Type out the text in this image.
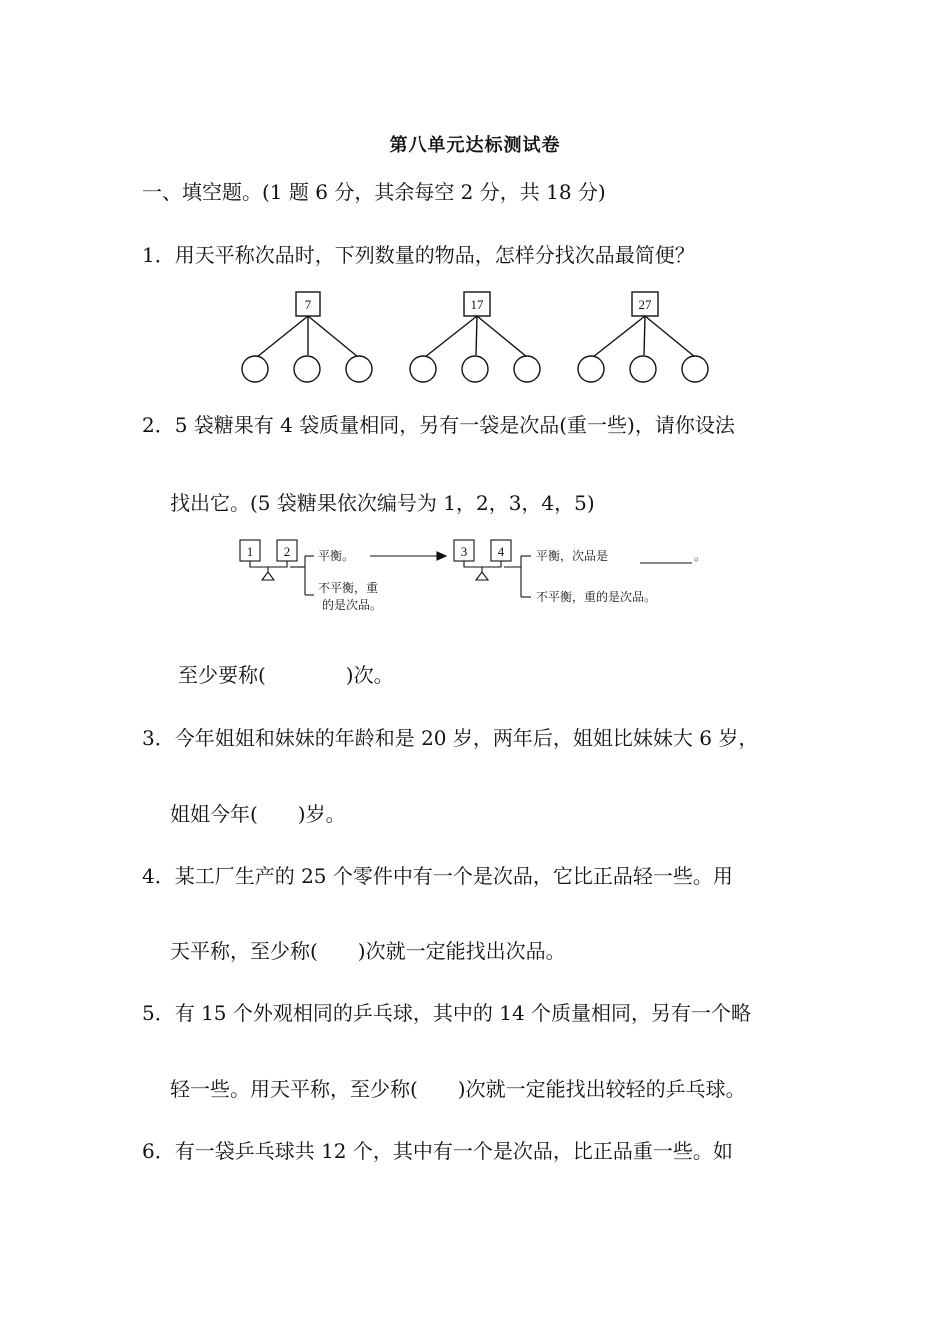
第八单元达标测试卷
一、填空题。(1 题 6 分，其余每空 2 分，共 18 分)
1．用天平称次品时，下列数量的物品，怎样分找次品最简便？
7	17	27
2．5 袋糖果有 4 袋质量相同，另有一袋是次品(重一些)，请你设法
找出它。(5 袋糖果依次编号为 1，2，3，4，5)
1 2	3 4
平衡。
不平衡，重
的是次品。
平衡，次品是	。
不平衡，重的是次品。
至少要称(　　　　)次。
3．今年姐姐和妹妹的年龄和是 20 岁，两年后，姐姐比妹妹大 6 岁，
姐姐今年(　　)岁。
4．某工厂生产的 25 个零件中有一个是次品，它比正品轻一些。用
天平称，至少称(　　)次就一定能找出次品。
5．有 15 个外观相同的乒乓球，其中的 14 个质量相同，另有一个略
轻一些。用天平称，至少称(　　)次就一定能找出较轻的乒乓球。
6．有一袋乒乓球共 12 个，其中有一个是次品，比正品重一些。如
